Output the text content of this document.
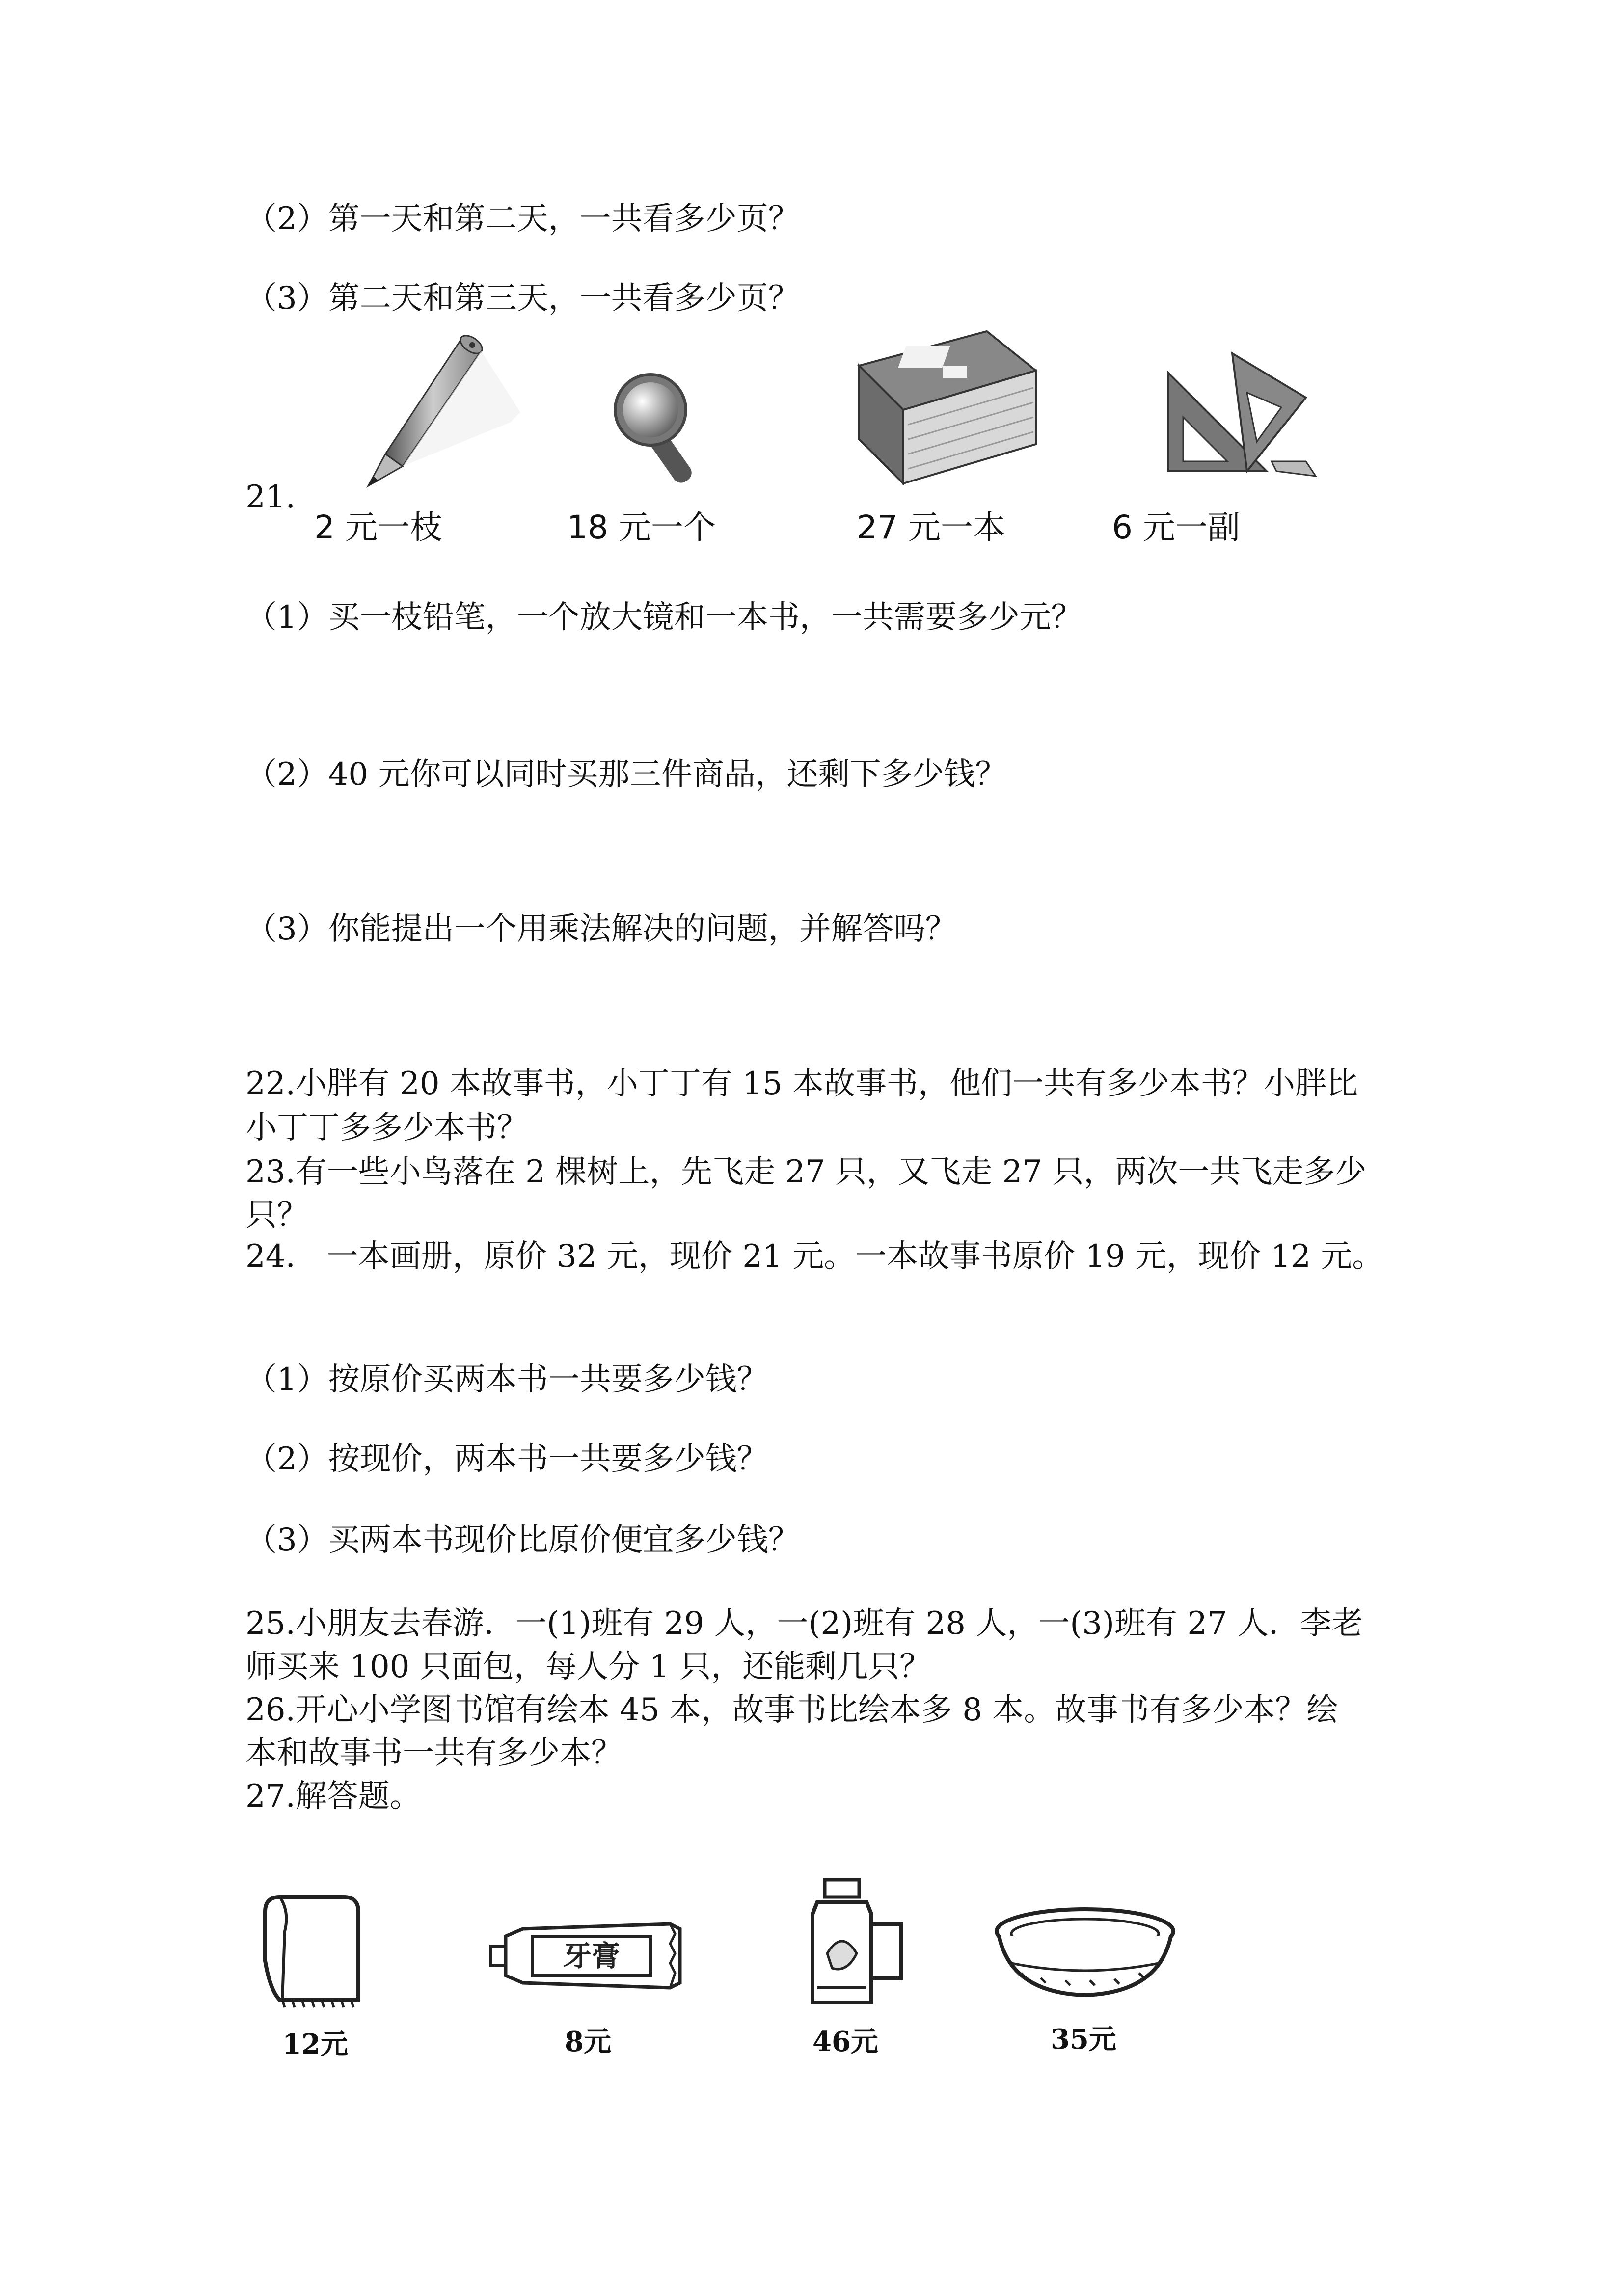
（2）第一天和第二天，一共看多少页？

（3）第二天和第三天，一共看多少页？

21.

2 元一枝	18 元一个	27 元一本	6 元一副

（1）买一枝铅笔，一个放大镜和一本书，一共需要多少元？

（2）40 元你可以同时买那三件商品，还剩下多少钱？

（3）你能提出一个用乘法解决的问题，并解答吗？

22.小胖有 20 本故事书，小丁丁有 15 本故事书，他们一共有多少本书？小胖比

小丁丁多多少本书？

23.有一些小鸟落在 2 棵树上，先飞走 27 只，又飞走 27 只，两次一共飞走多少

只？

24.　一本画册，原价 32 元，现价 21 元。一本故事书原价 19 元，现价 12 元。

（1）按原价买两本书一共要多少钱？

（2）按现价，两本书一共要多少钱？

（3）买两本书现价比原价便宜多少钱？

25.小朋友去春游．一(1)班有 29 人，一(2)班有 28 人，一(3)班有 27 人．李老

师买来 100 只面包，每人分 1 只，还能剩几只？

26.开心小学图书馆有绘本 45 本，故事书比绘本多 8 本。故事书有多少本？绘

本和故事书一共有多少本？

27.解答题。

牙膏
12元	8元	46元	35元
